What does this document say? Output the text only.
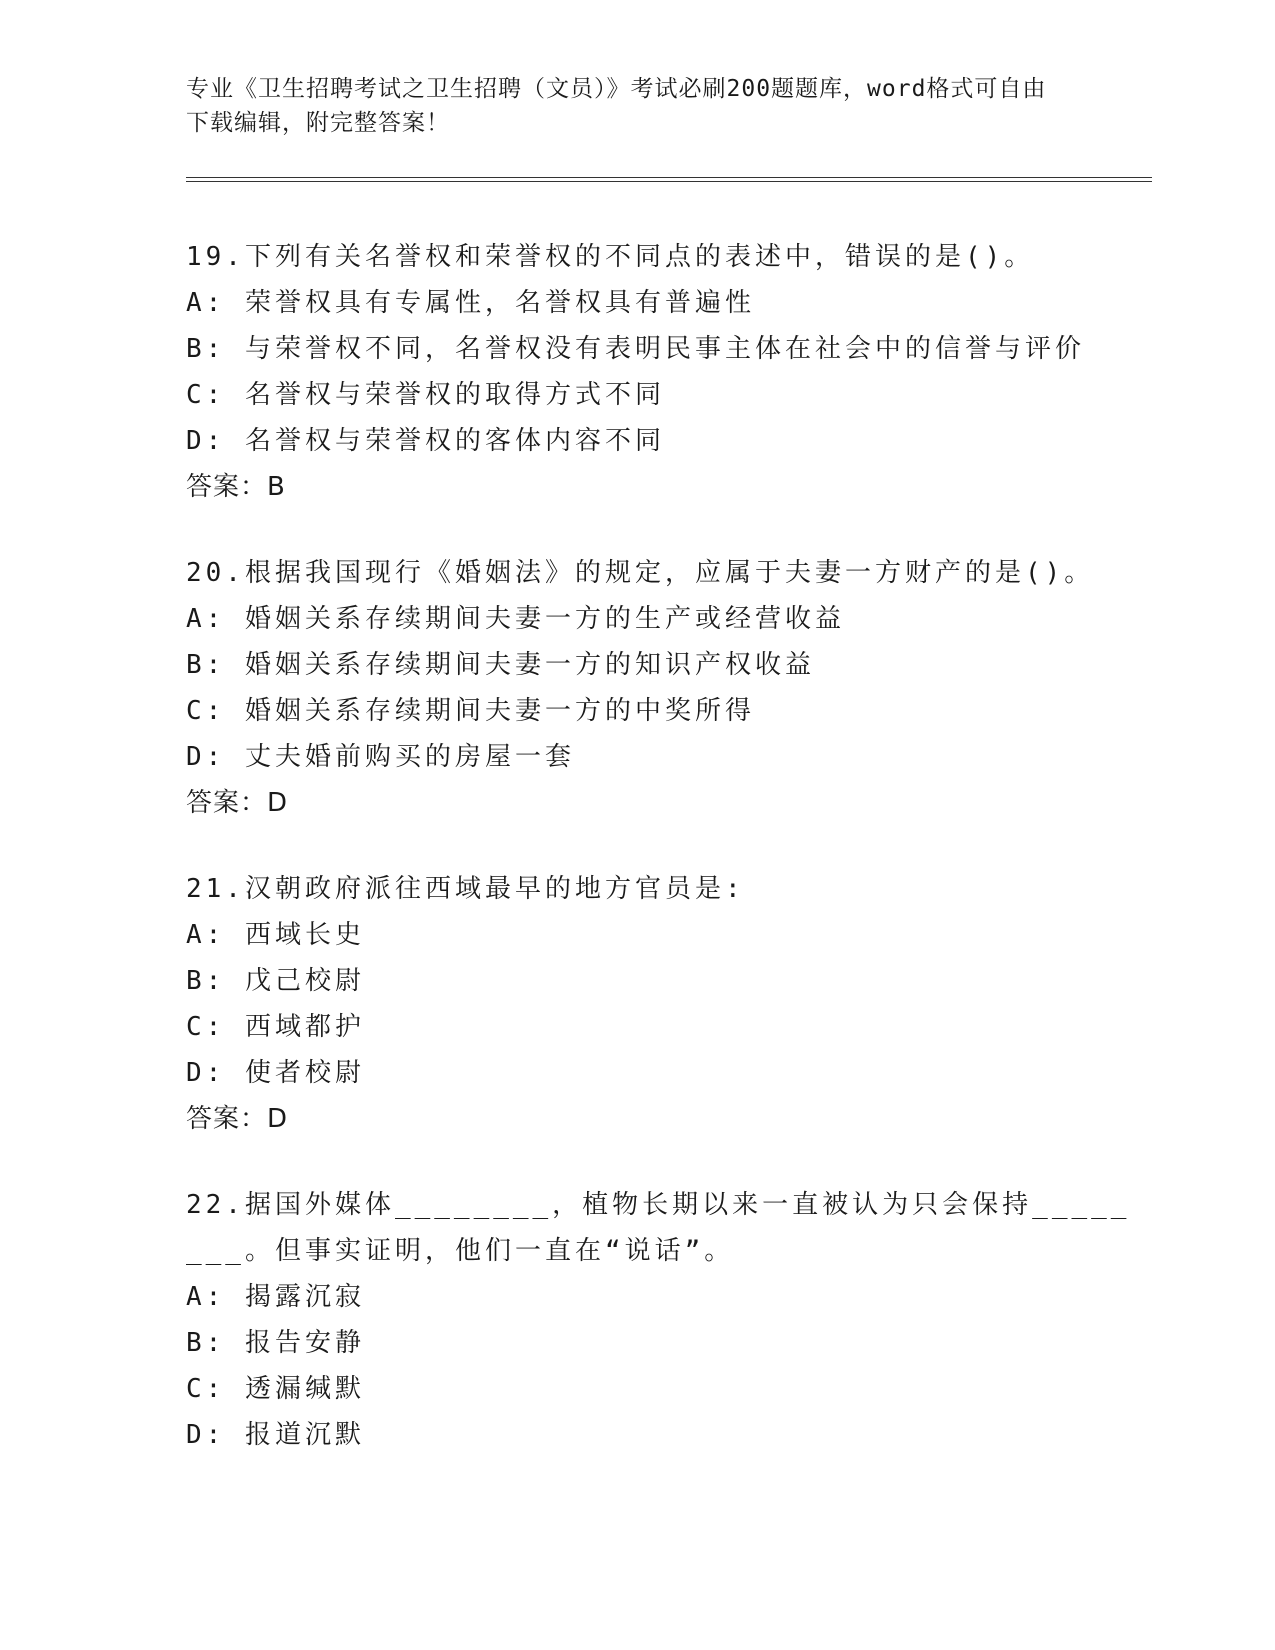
专业《卫生招聘考试之卫生招聘（文员）》考试必刷200题题库，word格式可自由下载编辑，附完整答案！
19.下列有关名誉权和荣誉权的不同点的表述中，错误的是()。
A: 荣誉权具有专属性，名誉权具有普遍性
B: 与荣誉权不同，名誉权没有表明民事主体在社会中的信誉与评价
C: 名誉权与荣誉权的取得方式不同
D: 名誉权与荣誉权的客体内容不同
答案：B
20.根据我国现行《婚姻法》的规定，应属于夫妻一方财产的是()。
A: 婚姻关系存续期间夫妻一方的生产或经营收益
B: 婚姻关系存续期间夫妻一方的知识产权收益
C: 婚姻关系存续期间夫妻一方的中奖所得
D: 丈夫婚前购买的房屋一套
答案：D
21.汉朝政府派往西域最早的地方官员是:
A: 西域长史
B: 戊己校尉
C: 西域都护
D: 使者校尉
答案：D
22.据国外媒体________，植物长期以来一直被认为只会保持________。但事实证明，他们一直在“说话”。
A: 揭露沉寂
B: 报告安静
C: 透漏缄默
D: 报道沉默
